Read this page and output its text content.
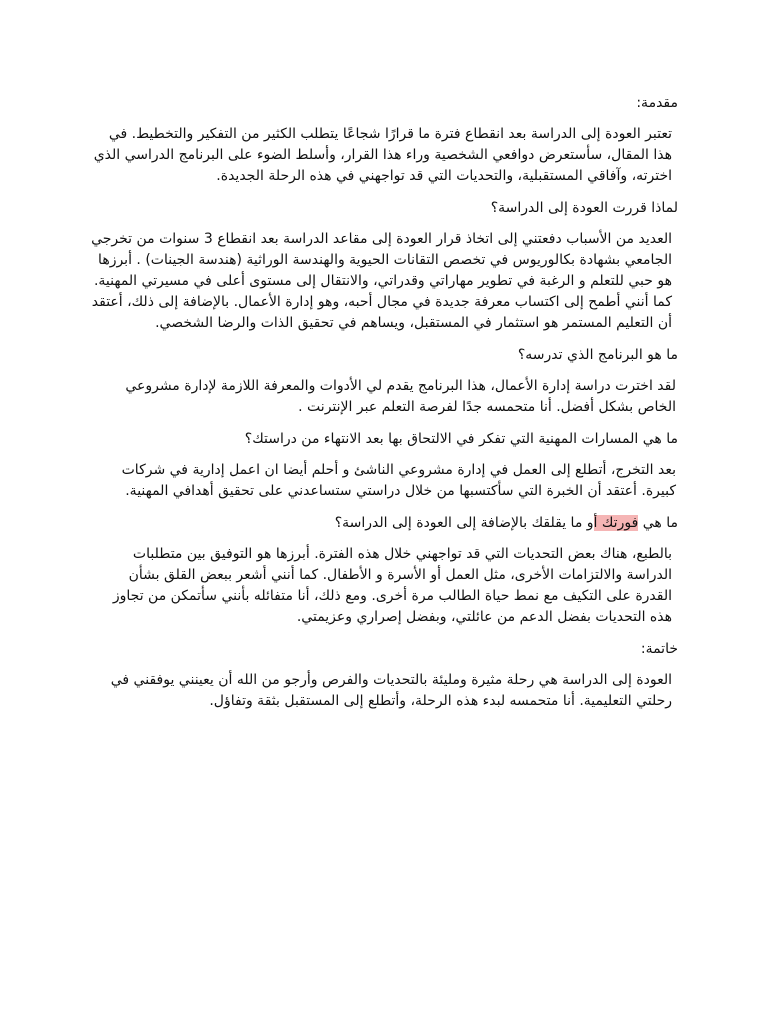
مقدمة:

تعتبر العودة إلى الدراسة بعد انقطاع فترة ما قرارًا شجاعًا يتطلب الكثير من التفكير والتخطيط. في هذا المقال، سأستعرض دوافعي الشخصية وراء هذا القرار، وأسلط الضوء على البرنامج الدراسي الذي اخترته، وآفاقي المستقبلية، والتحديات التي قد تواجهني في هذه الرحلة الجديدة.

لماذا قررت العودة إلى الدراسة؟

العديد من الأسباب دفعتني إلى اتخاذ قرار العودة إلى مقاعد الدراسة بعد انقطاع 3 سنوات من تخرجي الجامعي بشهادة بكالوريوس في تخصص التقانات الحيوية والهندسة الوراثية (هندسة الجينات) . أبرزها هو حبي للتعلم و الرغبة في تطوير مهاراتي وقدراتي، والانتقال إلى مستوى أعلى في مسيرتي المهنية. كما أنني أطمح إلى اكتساب معرفة جديدة في مجال أحبه، وهو إدارة الأعمال. بالإضافة إلى ذلك، أعتقد أن التعليم المستمر هو استثمار في المستقبل، ويساهم في تحقيق الذات والرضا الشخصي.

ما هو البرنامج الذي تدرسه؟

لقد اخترت دراسة إدارة الأعمال، هذا البرنامج يقدم لي الأدوات والمعرفة اللازمة لإدارة مشروعي الخاص بشكل أفضل. أنا متحمسه جدًا لفرصة التعلم عبر الإنترنت .

ما هي المسارات المهنية التي تفكر في الالتحاق بها بعد الانتهاء من دراستك؟

بعد التخرج، أتطلع إلى العمل في إدارة مشروعي الناشئ و أحلم أيضا ان اعمل إدارية في شركات كبيرة. أعتقد أن الخبرة التي سأكتسبها من خلال دراستي ستساعدني على تحقيق أهدافي المهنية.

ما هي فورتك أو ما يقلقك بالإضافة إلى العودة إلى الدراسة؟

بالطبع، هناك بعض التحديات التي قد تواجهني خلال هذه الفترة. أبرزها هو التوفيق بين متطلبات الدراسة والالتزامات الأخرى، مثل العمل أو الأسرة و الأطفال. كما أنني أشعر ببعض القلق بشأن القدرة على التكيف مع نمط حياة الطالب مرة أخرى. ومع ذلك، أنا متفائله بأنني سأتمكن من تجاوز هذه التحديات بفضل الدعم من عائلتي، وبفضل إصراري وعزيمتي.

خاتمة:

العودة إلى الدراسة هي رحلة مثيرة ومليئة بالتحديات والفرص وأرجو من الله أن يعينني يوفقني في رحلتي التعليمية. أنا متحمسه لبدء هذه الرحلة، وأتطلع إلى المستقبل بثقة وتفاؤل.
